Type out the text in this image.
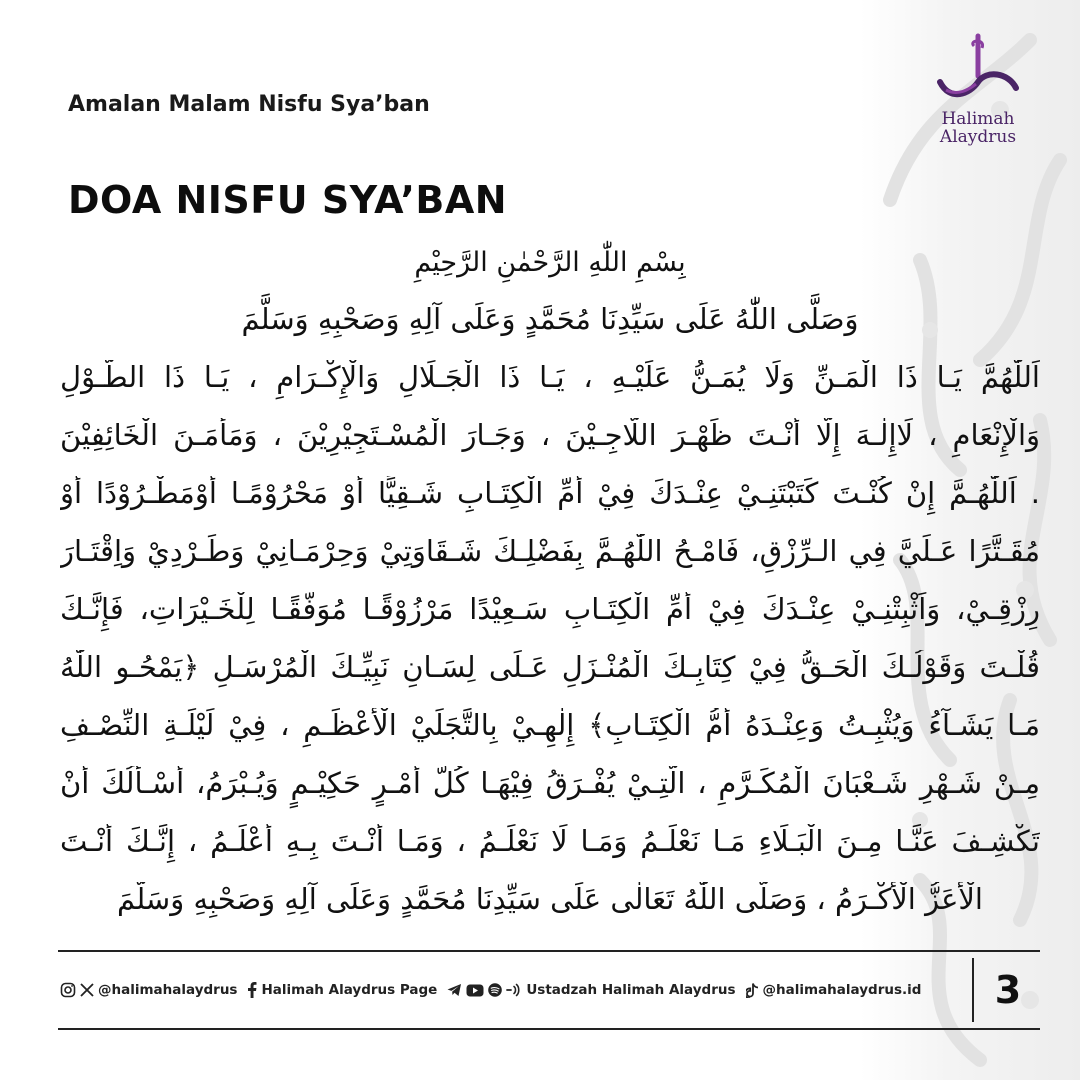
Amalan Malam Nisfu Sya’ban
DOA NISFU SYA’BAN
Halimah
Alaydrus
بِسْمِ اللّٰهِ الرَّحْمٰنِ الرَّحِيْمِ
وَصَلَّى اللّٰهُ عَلَى سَيِّدِنَا مُحَمَّدٍ وَعَلَى آلِهِ وَصَحْبِهِ وَسَلَّمَ
اَللّٰهُمَّ يَـا ذَا الْمَـنِّ وَلَا يُمَـنُّ عَلَيْـهِ ، يَـا ذَا الْجَـلَالِ وَالْإِكْـرَامِ ، يَـا ذَا الطَّـوْلِ
وَالْإِنْعَامِ ، لَاإِلٰـهَ إِلَّا أَنْـتَ ظَهْـرَ اللَّاجِـيْنَ ، وَجَـارَ الْمُسْـتَجِيْرِيْنَ ، وَمَأْمَـنَ الْخَائِفِيْنَ
. اَللّٰهُـمَّ إِنْ كُنْـتَ كَتَبْتَنِـيْ عِنْـدَكَ فِيْ أُمِّ الْكِتَـابِ شَـقِيًّا أَوْ مَحْرُوْمًـا أَوْمَطْـرُوْدًا أَوْ
مُقَـتَّرًا عَـلَيَّ فِي الـرِّزْقِ، فَامْـحُ اللّٰهُـمَّ بِفَضْلِـكَ شَـقَاوَتِيْ وَحِرْمَـانِيْ وَطَـرْدِيْ وَاِقْتَـارَ
رِزْقِـيْ، وَاَثْبِتْنِـيْ عِنْـدَكَ فِيْ أُمِّ الْكِتَـابِ سَـعِيْدًا مَرْزُوْقًـا مُوَفَّقًـا لِلْخَـيْرَاتِ، فَإِنَّـكَ
قُلْـتَ وَقَوْلُـكَ الْحَـقُّ فِيْ كِتَابِـكَ الْمُنْـزَلِ عَـلَى لِسَـانِ نَبِيِّـكَ الْمُرْسَـلِ ﴿يَمْحُـو اللّٰهُ
مَـا يَشَـآءُ وَيُثْبِـتُ وَعِنْـدَهُ أُمُّ الْكِتَـابِ﴾ إِلٰهِـيْ بِالتَّجَلِّيْ الْأَعْظَـمِ ، فِيْ لَيْلَـةِ النِّصْـفِ
مِـنْ شَـهْرِ شَـعْبَانَ الْمُكَـرَّمِ ، الَّتِـيْ يُفْـرَقُ فِيْهَـا كُلُّ أَمْـرٍ حَكِيْـمٍ وَيُـبْرَمُ، أَسْـأَلُكَ أَنْ
تَكْشِـفَ عَنَّـا مِـنَ الْبَـلَاءِ مَـا نَعْلَـمُ وَمَـا لَا نَعْلَـمُ ، وَمَـا أَنْـتَ بِـهِ أَعْلَـمُ ، إِنَّـكَ أَنْـتَ
الْأَعَزُّ الْأَكْـرَمُ ، وَصَلَّى اللّٰهُ تَعَالٰى عَلَى سَيِّدِنَا مُحَمَّدٍ وَعَلَى آلِهِ وَصَحْبِهِ وَسَلَّمَ
@halimahalaydrus Halimah Alaydrus Page	Ustadzah Halimah Alaydrus @halimahalaydrus.id	3
